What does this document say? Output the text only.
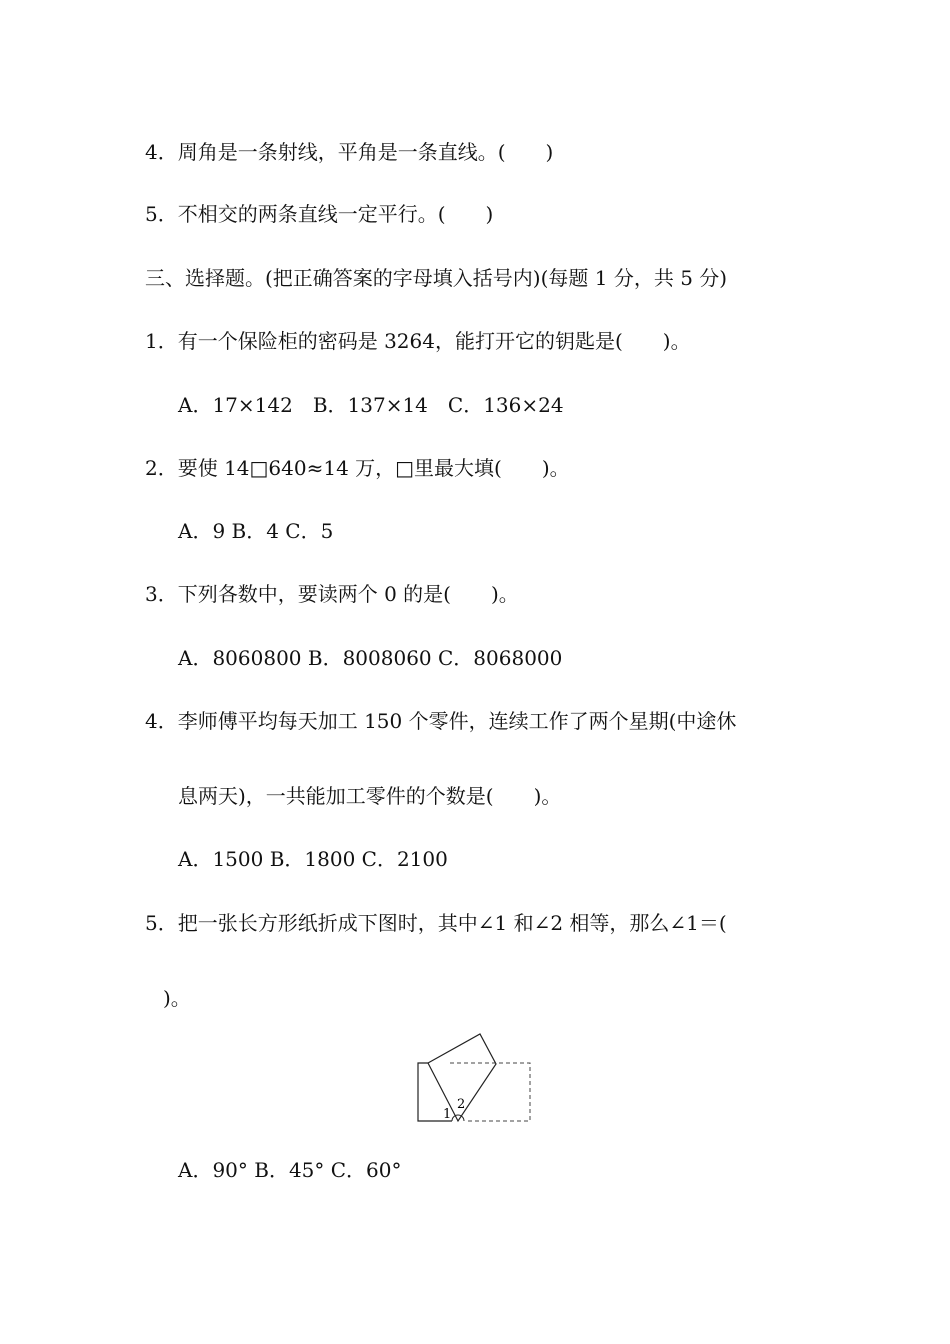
4．周角是一条射线，平角是一条直线。(　　)
5．不相交的两条直线一定平行。(　　)
三、选择题。(把正确答案的字母填入括号内)(每题 1 分，共 5 分)
1．有一个保险柜的密码是 3264，能打开它的钥匙是(　　)。
A．17×142　B．137×14　C．136×24
2．要使 14□640≈14 万，□里最大填(　　)。
A．9 B．4 C．5
3．下列各数中，要读两个 0 的是(　　)。
A．8060800 B．8008060 C．8068000
4．李师傅平均每天加工 150 个零件，连续工作了两个星期(中途休
息两天)，一共能加工零件的个数是(　　)。
A．1500 B．1800 C．2100
5．把一张长方形纸折成下图时，其中∠1 和∠2 相等，那么∠1＝(
)。
1
2
A．90° B．45° C．60°
